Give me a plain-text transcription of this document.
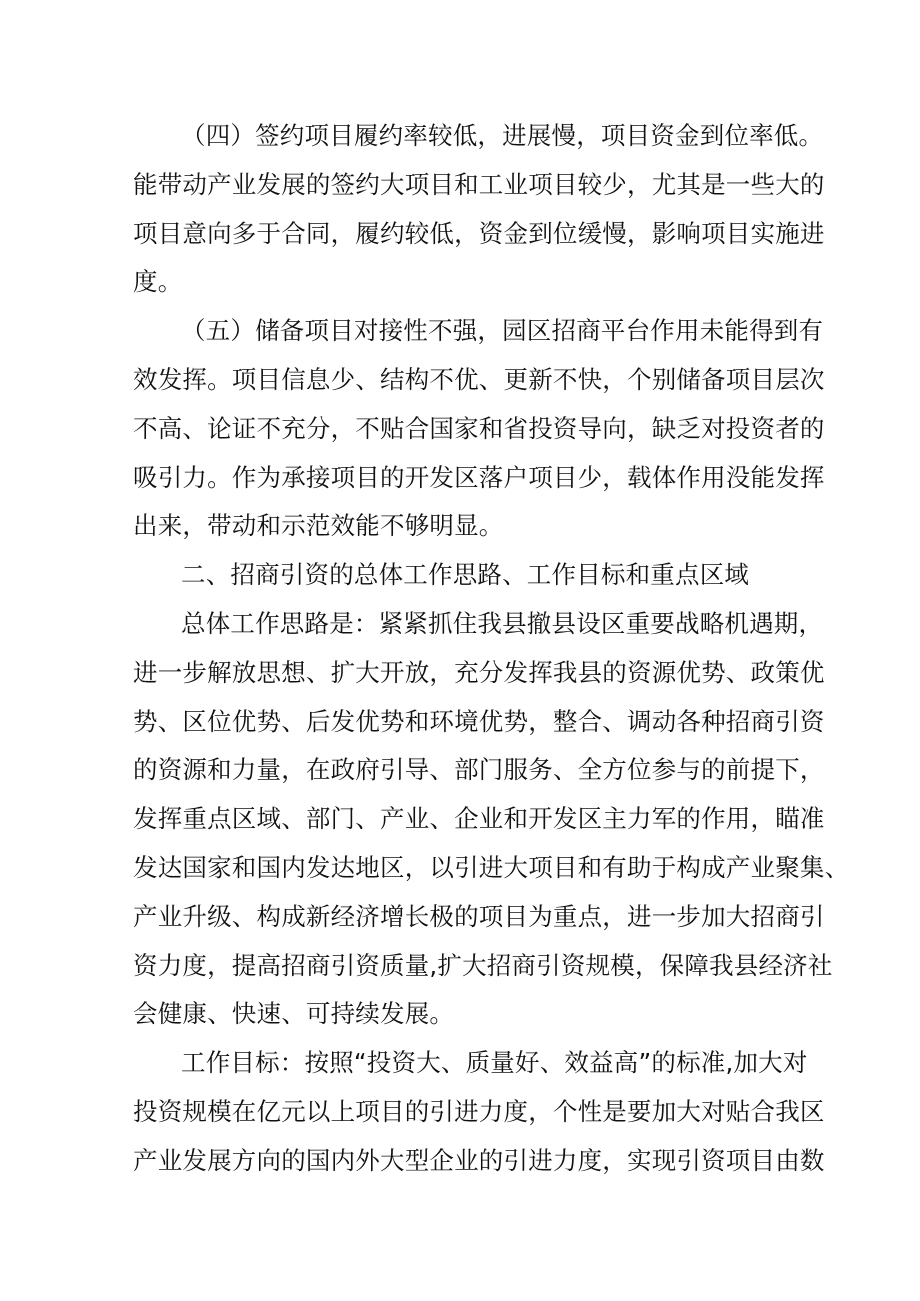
（四）签约项目履约率较低，进展慢，项目资金到位率低。
能带动产业发展的签约大项目和工业项目较少，尤其是一些大的
项目意向多于合同，履约较低，资金到位缓慢，影响项目实施进
度。
（五）储备项目对接性不强，园区招商平台作用未能得到有
效发挥。项目信息少、结构不优、更新不快，个别储备项目层次
不高、论证不充分，不贴合国家和省投资导向，缺乏对投资者的
吸引力。作为承接项目的开发区落户项目少，载体作用没能发挥
出来，带动和示范效能不够明显。
二、招商引资的总体工作思路、工作目标和重点区域
总体工作思路是：紧紧抓住我县撤县设区重要战略机遇期，
进一步解放思想、扩大开放，充分发挥我县的资源优势、政策优
势、区位优势、后发优势和环境优势，整合、调动各种招商引资
的资源和力量，在政府引导、部门服务、全方位参与的前提下，
发挥重点区域、部门、产业、企业和开发区主力军的作用，瞄准
发达国家和国内发达地区，以引进大项目和有助于构成产业聚集、
产业升级、构成新经济增长极的项目为重点，进一步加大招商引
资力度，提高招商引资质量,扩大招商引资规模，保障我县经济社
会健康、快速、可持续发展。
工作目标：按照“投资大、质量好、效益高”的标准,加大对
投资规模在亿元以上项目的引进力度，个性是要加大对贴合我区
产业发展方向的国内外大型企业的引进力度，实现引资项目由数
